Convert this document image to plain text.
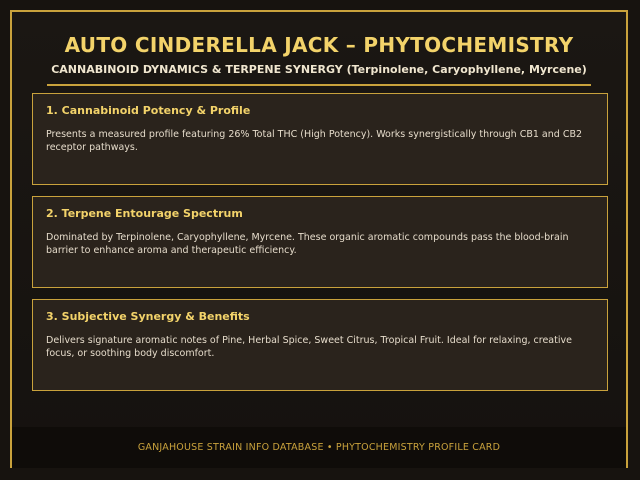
AUTO CINDERELLA JACK – PHYTOCHEMISTRY
CANNABINOID DYNAMICS & TERPENE SYNERGY (Terpinolene, Caryophyllene, Myrcene)
1. Cannabinoid Potency & Profile

Presents a measured profile featuring 26% Total THC (High Potency). Works synergistically through CB1 and CB2 receptor pathways.

2. Terpene Entourage Spectrum

Dominated by Terpinolene, Caryophyllene, Myrcene. These organic aromatic compounds pass the blood-brain barrier to enhance aroma and therapeutic efficiency.

3. Subjective Synergy & Benefits

Delivers signature aromatic notes of Pine, Herbal Spice, Sweet Citrus, Tropical Fruit. Ideal for relaxing, creative focus, or soothing body discomfort.

GANJAHOUSE STRAIN INFO DATABASE • PHYTOCHEMISTRY PROFILE CARD
